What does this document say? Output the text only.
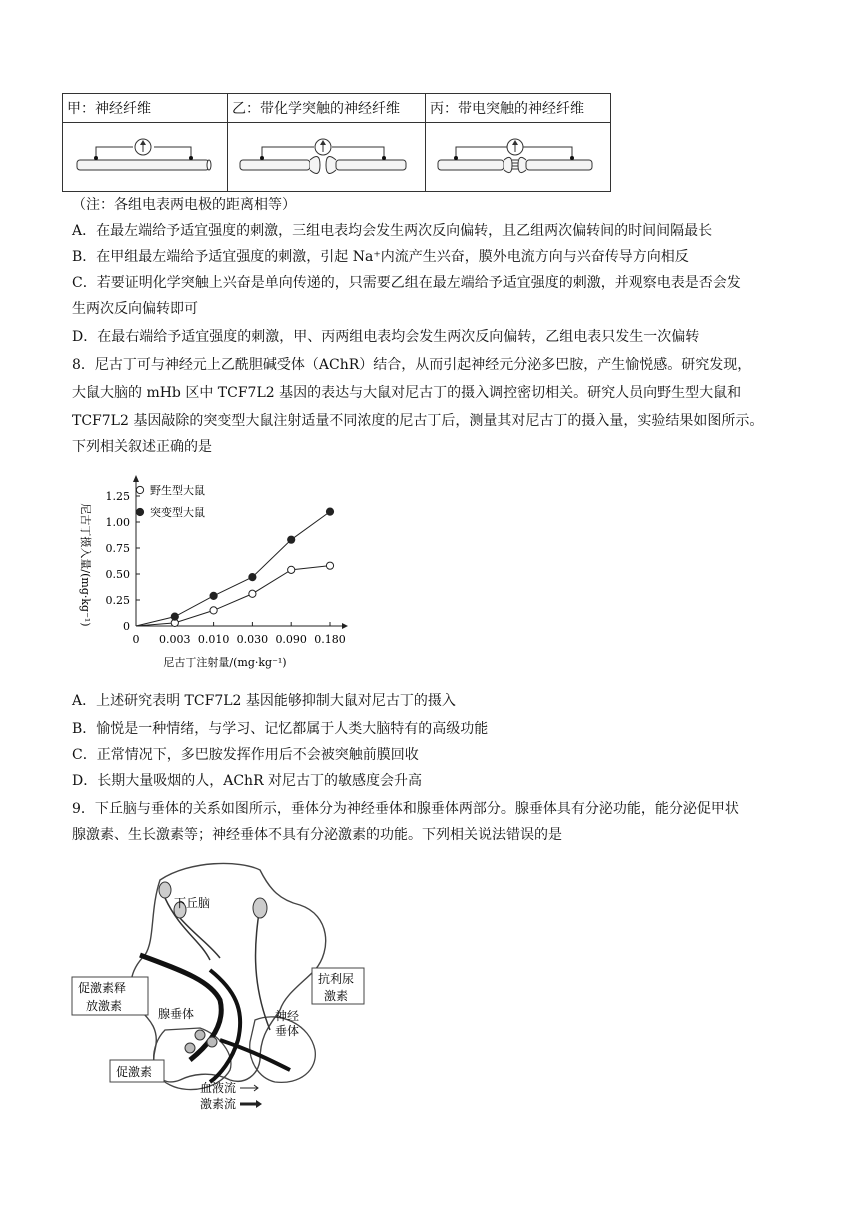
甲：神经纤维	乙：带化学突触的神经纤维	丙：带电突触的神经纤维

（注：各组电表两电极的距离相等）
A．在最左端给予适宜强度的刺激，三组电表均会发生两次反向偏转，且乙组两次偏转间的时间间隔最长
B．在甲组最左端给予适宜强度的刺激，引起 Na⁺内流产生兴奋，膜外电流方向与兴奋传导方向相反
C．若要证明化学突触上兴奋是单向传递的，只需要乙组在最左端给予适宜强度的刺激，并观察电表是否会发
生两次反向偏转即可
D．在最右端给予适宜强度的刺激，甲、丙两组电表均会发生两次反向偏转，乙组电表只发生一次偏转
8．尼古丁可与神经元上乙酰胆碱受体（AChR）结合，从而引起神经元分泌多巴胺，产生愉悦感。研究发现，
大鼠大脑的 mHb 区中 TCF7L2 基因的表达与大鼠对尼古丁的摄入调控密切相关。研究人员向野生型大鼠和
TCF7L2 基因敲除的突变型大鼠注射适量不同浓度的尼古丁后，测量其对尼古丁的摄入量，实验结果如图所示。
下列相关叙述正确的是
0
0.25
0.50
0.75
1.00
1.25
0 0.003 0.010 0.030 0.090 0.180
尼古丁注射量/(mg·kg⁻¹)
尼古丁摄入量/(mg·kg⁻¹)
野生型大鼠
突变型大鼠
A．上述研究表明 TCF7L2 基因能够抑制大鼠对尼古丁的摄入
B．愉悦是一种情绪，与学习、记忆都属于人类大脑特有的高级功能
C．正常情况下，多巴胺发挥作用后不会被突触前膜回收
D．长期大量吸烟的人，AChR 对尼古丁的敏感度会升高
9．下丘脑与垂体的关系如图所示，垂体分为神经垂体和腺垂体两部分。腺垂体具有分泌功能，能分泌促甲状
腺激素、生长激素等；神经垂体不具有分泌激素的功能。下列相关说法错误的是
下丘脑
促激素释
放激素
腺垂体	神经
垂体
抗利尿
激素
促激素
血液流
激素流
